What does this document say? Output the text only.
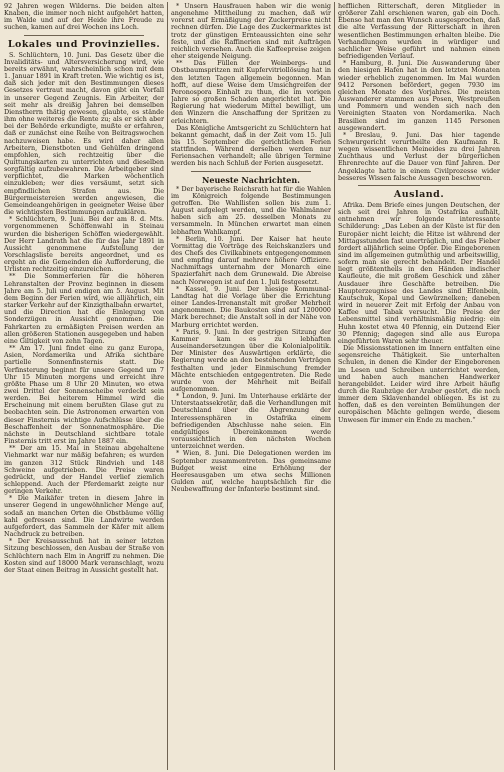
92 Jahren wegen Wilderns. Die beiden alten Knaben, die immer noch nicht aufgehört hatten, im Walde und auf der Heide ihre Freude zu suchen, kamen auf drei Wochen ins Loch.

Lokales und Provinzielles.

S. Schlüchtern, 10. Juni. Das Gesetz über die Invaliditäts- und Altersversicherung wird, wie bereits erwähnt, wahrscheinlich schon mit dem 1. Januar 1891 in Kraft treten. Wie wichtig es ist, daß sich jeder mit den Bestimmungen dieses Gesetzes vertraut macht, davon gibt ein Vorfall in unserer Gegend Zeugnis. Ein Arbeiter, der seit mehr als dreißig Jahren bei demselben Dienstherrn thätig gewesen, glaubte, es stände ihm ohne weiteres die Rente zu; als er sich aber bei der Behörde erkundigte, mußte er erfahren, daß er zunächst eine Reihe von Beitragswochen nachzuweisen habe. Es wird daher allen Arbeitern, Dienstboten und Gehülfen dringend empfohlen, sich rechtzeitig über die Quittungskarten zu unterrichten und dieselben sorgfältig aufzubewahren. Die Arbeitgeber sind verpflichtet, die Marken wöchentlich einzukleben; wer dies versäumt, setzt sich empfindlichen Strafen aus. Die Bürgermeistereien werden angewiesen, die Gemeindeangehörigen in geeigneter Weise über die wichtigsten Bestimmungen aufzuklären.

* Schlüchtern, 9. Juni. Bei der am 8. d. Mts. vorgenommenen Schöffenwahl in Steinau wurden die bisherigen Schöffen wiedergewählt. Der Herr Landrath hat die für das Jahr 1891 in Aussicht genommene Aufstellung der Vorschlagsliste bereits angeordnet, und es ergeht an die Gemeinden die Aufforderung, die Urlisten rechtzeitig einzureichen.

** Die Sommerferien für die höheren Lehranstalten der Provinz beginnen in diesem Jahre am 5. Juli und endigen am 5. August. Mit dem Beginn der Ferien wird, wie alljährlich, ein starker Verkehr auf der Kinzigthalbahn erwartet, und die Direction hat die Einlegung von Sonderzügen in Aussicht genommen. Die Fahrkarten zu ermäßigten Preisen werden an allen größeren Stationen ausgegeben und haben eine Giltigkeit von zehn Tagen.

** Am 17. Juni findet eine zu ganz Europa, Asien, Nordamerika und Afrika sichtbare partielle Sonnenfinsternis statt. Die Verfinsterung beginnt für unsere Gegend um 7 Uhr 15 Minuten morgens und erreicht ihre größte Phase um 8 Uhr 20 Minuten, wo etwa zwei Drittel der Sonnenscheibe verdeckt sein werden. Bei heiterem Himmel wird die Erscheinung mit einem berußten Glase gut zu beobachten sein. Die Astronomen erwarten von dieser Finsternis wichtige Aufschlüsse über die Beschaffenheit der Sonnenatmosphäre. Die nächste in Deutschland sichtbare totale Finsternis tritt erst im Jahre 1887 ein.

** Der am 15. Mai in Steinau abgehaltene Viehmarkt war nur mäßig befahren; es wurden im ganzen 312 Stück Rindvieh und 148 Schweine aufgetrieben. Die Preise waren gedrückt, und der Handel verlief ziemlich schleppend. Auch der Pferdemarkt zeigte nur geringen Verkehr.

* Die Maikäfer treten in diesem Jahre in unserer Gegend in ungewöhnlicher Menge auf, sodaß an manchen Orten die Obstbäume völlig kahl gefressen sind. Die Landwirte werden aufgefordert, das Sammeln der Käfer mit allem Nachdruck zu betreiben.

* Der Kreisausschuß hat in seiner letzten Sitzung beschlossen, den Ausbau der Straße von Schlüchtern nach Elm in Angriff zu nehmen. Die Kosten sind auf 18000 Mark veranschlagt, wozu der Staat einen Beitrag in Aussicht gestellt hat.

* Unsern Hausfrauen haben wir die wenig angenehme Mittheilung zu machen, daß wir vorerst auf Ermäßigung der Zuckerpreise nicht rechnen dürfen. Die Lage des Zuckermarktes ist trotz der günstigen Ernteaussichten eine sehr feste, und die Raffinerien sind mit Aufträgen reichlich versehen. Auch die Kaffeepreise zeigen eher steigende Neigung.

** Das Füllen der Weinbergs- und Obstbaumspritzen mit Kupfervitriollösung hat in den letzten Tagen allgemein begonnen. Man hofft, auf diese Weise dem Umsichgreifen der Peronospora Einhalt zu thun, die im vorigen Jahre so großen Schaden angerichtet hat. Die Regierung hat wiederum Mittel bewilligt, um den Winzern die Anschaffung der Spritzen zu erleichtern.

Das Königliche Amtsgericht zu Schlüchtern hat bekannt gemacht, daß in der Zeit vom 15. Juli bis 15. September die gerichtlichen Ferien stattfinden. Während derselben werden nur Feriensachen verhandelt; alle übrigen Termine werden bis nach Schluß der Ferien ausgesetzt.

Neueste Nachrichten.

* Der bayerische Reichsrath hat für die Wahlen im Königreich folgende Bestimmungen getroffen. Die Wahllisten sollen bis zum 1. August aufgelegt werden, und die Wahlmänner haben sich am 25. desselben Monats zu versammeln. In München erwartet man einen lebhaften Wahlkampf.

* Berlin, 10. Juni. Der Kaiser hat heute Vormittag die Vorträge des Reichskanzlers und des Chefs des Civilkabinets entgegengenommen und empfing darauf mehrere höhere Offiziere. Nachmittags unternahm der Monarch eine Spazierfahrt nach dem Grunewald. Die Abreise nach Norwegen ist auf den 1. Juli festgesetzt.

* Kassel, 9. Juni. Der hiesige Kommunal-Landtag hat die Vorlage über die Errichtung einer Landes-Irrenanstalt mit großer Mehrheit angenommen. Die Baukosten sind auf 1200000 Mark berechnet; die Anstalt soll in der Nähe von Marburg errichtet werden.

* Paris, 9. Juni. In der gestrigen Sitzung der Kammer kam es zu lebhaften Auseinandersetzungen über die Kolonialpolitik. Der Minister des Auswärtigen erklärte, die Regierung werde an den bestehenden Verträgen festhalten und jeder Einmischung fremder Mächte entschieden entgegentreten. Die Rede wurde von der Mehrheit mit Beifall aufgenommen.

* London, 9. Juni. Im Unterhause erklärte der Unterstaatssekretär, daß die Verhandlungen mit Deutschland über die Abgrenzung der Interessensphären in Ostafrika einem befriedigenden Abschlusse nahe seien. Ein endgültiges Übereinkommen werde voraussichtlich in den nächsten Wochen unterzeichnet werden.

* Wien, 8. Juni. Die Delegationen werden im September zusammentreten. Das gemeinsame Budget weist eine Erhöhung der Heeresausgaben um etwa sechs Millionen Gulden auf, welche hauptsächlich für die Neubewaffnung der Infanterie bestimmt sind.

hefflichen Ritterschaft, deren Mitglieder in größerer Zahl erschienen waren, gab ein Doch. Ebenso hat man den Wunsch ausgesprochen, daß die alte Verfassung der Ritterschaft in ihren wesentlichen Bestimmungen erhalten bleibe. Die Verhandlungen wurden in würdiger und sachlicher Weise geführt und nahmen einen befriedigenden Verlauf.

* Hamburg, 8. Juni. Die Auswanderung über den hiesigen Hafen hat in den letzten Monaten wieder erheblich zugenommen. Im Mai wurden 9412 Personen befördert, gegen 7930 im gleichen Monate des Vorjahres. Die meisten Auswanderer stammen aus Posen, Westpreußen und Pommern und wenden sich nach den Vereinigten Staaten von Nordamerika. Nach Brasilien sind im ganzen 1145 Personen ausgewandert.

* Breslau, 9. Juni. Das hier tagende Schwurgericht verurtheilte den Kaufmann R. wegen wissentlichen Meineides zu drei Jahren Zuchthaus und Verlust der bürgerlichen Ehrenrechte auf die Dauer von fünf Jahren. Der Angeklagte hatte in einem Civilprozesse wider besseres Wissen falsche Aussagen beschworen.

Ausland.

Afrika. Dem Briefe eines jungen Deutschen, der sich seit drei Jahren in Ostafrika aufhält, entnehmen wir folgende interessante Schilderung: „Das Leben an der Küste ist für den Europäer nicht leicht; die Hitze ist während der Mittagsstunden fast unerträglich, und das Fieber fordert alljährlich seine Opfer. Die Eingeborenen sind im allgemeinen gutmüthig und arbeitswillig, sofern man sie gerecht behandelt. Der Handel liegt größtentheils in den Händen indischer Kaufleute, die mit großem Geschick und zäher Ausdauer ihre Geschäfte betreiben. Die Haupterzeugnisse des Landes sind Elfenbein, Kautschuk, Kopal und Gewürznelken; daneben wird in neuerer Zeit mit Erfolg der Anbau von Kaffee und Tabak versucht. Die Preise der Lebensmittel sind verhältnismäßig niedrig: ein Huhn kostet etwa 40 Pfennig, ein Dutzend Eier 30 Pfennig; dagegen sind alle aus Europa eingeführten Waren sehr theuer.

Die Missionsstationen im Innern entfalten eine segensreiche Thätigkeit. Sie unterhalten Schulen, in denen die Kinder der Eingeborenen im Lesen und Schreiben unterrichtet werden, und haben auch manchen Handwerker herangebildet. Leider wird ihre Arbeit häufig durch die Raubzüge der Araber gestört, die noch immer dem Sklavenhandel obliegen. Es ist zu hoffen, daß es den vereinten Bemühungen der europäischen Mächte gelingen werde, diesem Unwesen für immer ein Ende zu machen.“
